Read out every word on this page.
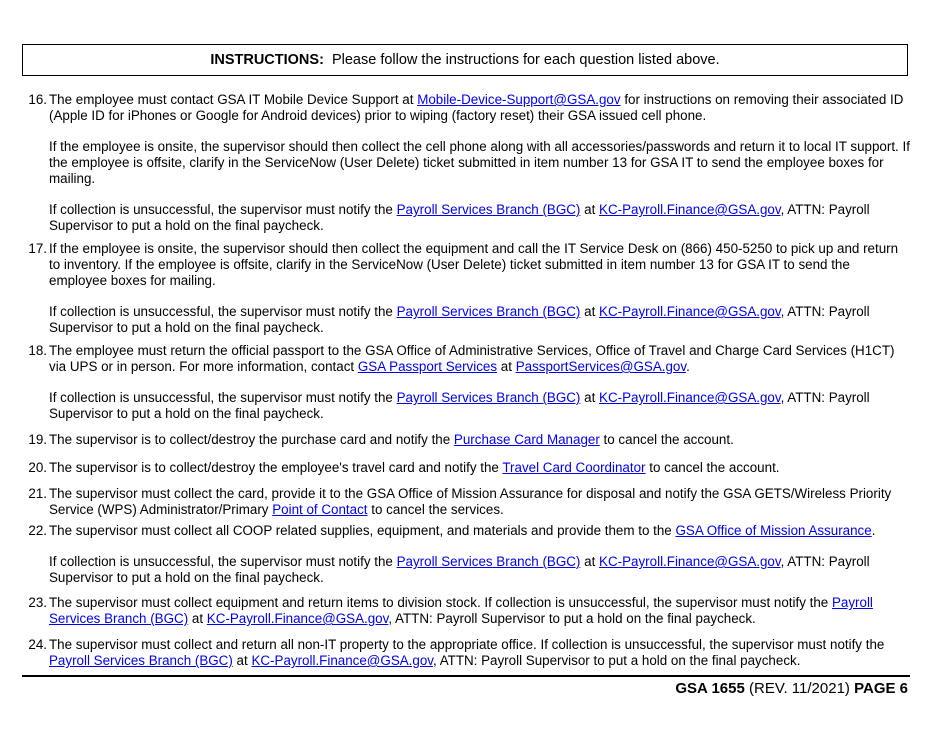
INSTRUCTIONS: Please follow the instructions for each question listed above.
16. The employee must contact GSA IT Mobile Device Support at Mobile-Device-Support@GSA.gov for instructions on removing their associated ID (Apple ID for iPhones or Google for Android devices) prior to wiping (factory reset) their GSA issued cell phone.

If the employee is onsite, the supervisor should then collect the cell phone along with all accessories/passwords and return it to local IT support. If the employee is offsite, clarify in the ServiceNow (User Delete) ticket submitted in item number 13 for GSA IT to send the employee boxes for mailing.

If collection is unsuccessful, the supervisor must notify the Payroll Services Branch (BGC) at KC-Payroll.Finance@GSA.gov, ATTN: Payroll Supervisor to put a hold on the final paycheck.

17. If the employee is onsite, the supervisor should then collect the equipment and call the IT Service Desk on (866) 450-5250 to pick up and return to inventory. If the employee is offsite, clarify in the ServiceNow (User Delete) ticket submitted in item number 13 for GSA IT to send the employee boxes for mailing.

If collection is unsuccessful, the supervisor must notify the Payroll Services Branch (BGC) at KC-Payroll.Finance@GSA.gov, ATTN: Payroll Supervisor to put a hold on the final paycheck.

18. The employee must return the official passport to the GSA Office of Administrative Services, Office of Travel and Charge Card Services (H1CT) via UPS or in person. For more information, contact GSA Passport Services at PassportServices@GSA.gov.

If collection is unsuccessful, the supervisor must notify the Payroll Services Branch (BGC) at KC-Payroll.Finance@GSA.gov, ATTN: Payroll Supervisor to put a hold on the final paycheck.

19. The supervisor is to collect/destroy the purchase card and notify the Purchase Card Manager to cancel the account.

20. The supervisor is to collect/destroy the employee's travel card and notify the Travel Card Coordinator to cancel the account.

21. The supervisor must collect the card, provide it to the GSA Office of Mission Assurance for disposal and notify the GSA GETS/Wireless Priority Service (WPS) Administrator/Primary Point of Contact to cancel the services.

22. The supervisor must collect all COOP related supplies, equipment, and materials and provide them to the GSA Office of Mission Assurance.

If collection is unsuccessful, the supervisor must notify the Payroll Services Branch (BGC) at KC-Payroll.Finance@GSA.gov, ATTN: Payroll Supervisor to put a hold on the final paycheck.

23. The supervisor must collect equipment and return items to division stock. If collection is unsuccessful, the supervisor must notify the Payroll Services Branch (BGC) at KC-Payroll.Finance@GSA.gov, ATTN: Payroll Supervisor to put a hold on the final paycheck.

24. The supervisor must collect and return all non-IT property to the appropriate office. If collection is unsuccessful, the supervisor must notify the Payroll Services Branch (BGC) at KC-Payroll.Finance@GSA.gov, ATTN: Payroll Supervisor to put a hold on the final paycheck.

GSA 1655 (REV. 11/2021) PAGE 6
